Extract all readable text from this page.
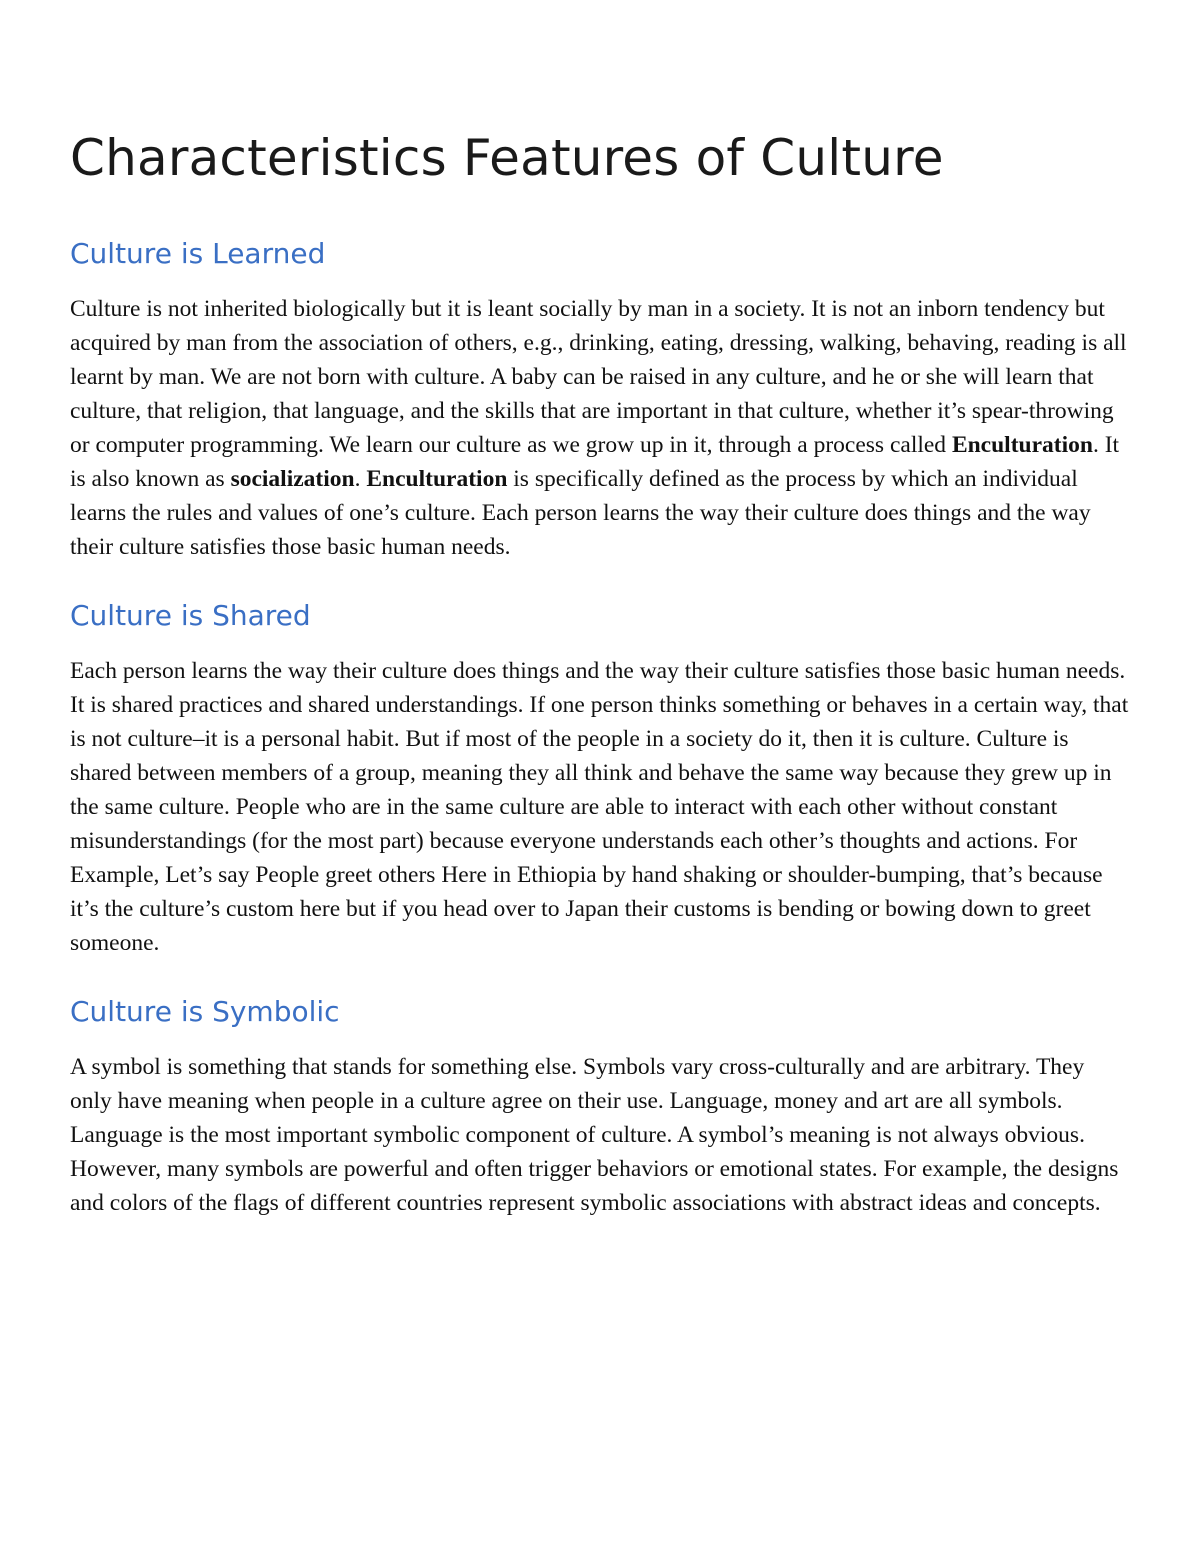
Characteristics Features of Culture
Culture is Learned

Culture is not inherited biologically but it is leant socially by man in a society. It is not an inborn tendency but acquired by man from the association of others, e.g., drinking, eating, dressing, walking, behaving, reading is all learnt by man. We are not born with culture. A baby can be raised in any culture, and he or she will learn that culture, that religion, that language, and the skills that are important in that culture, whether it’s spear-throwing or computer programming. We learn our culture as we grow up in it, through a process called Enculturation. It is also known as socialization. Enculturation is specifically defined as the process by which an individual learns the rules and values of one’s culture. Each person learns the way their culture does things and the way their culture satisfies those basic human needs.

Culture is Shared

Each person learns the way their culture does things and the way their culture satisfies those basic human needs. It is shared practices and shared understandings. If one person thinks something or behaves in a certain way, that is not culture–it is a personal habit. But if most of the people in a society do it, then it is culture. Culture is shared between members of a group, meaning they all think and behave the same way because they grew up in the same culture. People who are in the same culture are able to interact with each other without constant misunderstandings (for the most part) because everyone understands each other’s thoughts and actions. For Example, Let’s say People greet others Here in Ethiopia by hand shaking or shoulder-bumping, that’s because it’s the culture’s custom here but if you head over to Japan their customs is bending or bowing down to greet someone.

Culture is Symbolic

A symbol is something that stands for something else. Symbols vary cross-culturally and are arbitrary. They only have meaning when people in a culture agree on their use. Language, money and art are all symbols. Language is the most important symbolic component of culture. A symbol’s meaning is not always obvious. However, many symbols are powerful and often trigger behaviors or emotional states. For example, the designs and colors of the flags of different countries represent symbolic associations with abstract ideas and concepts.
